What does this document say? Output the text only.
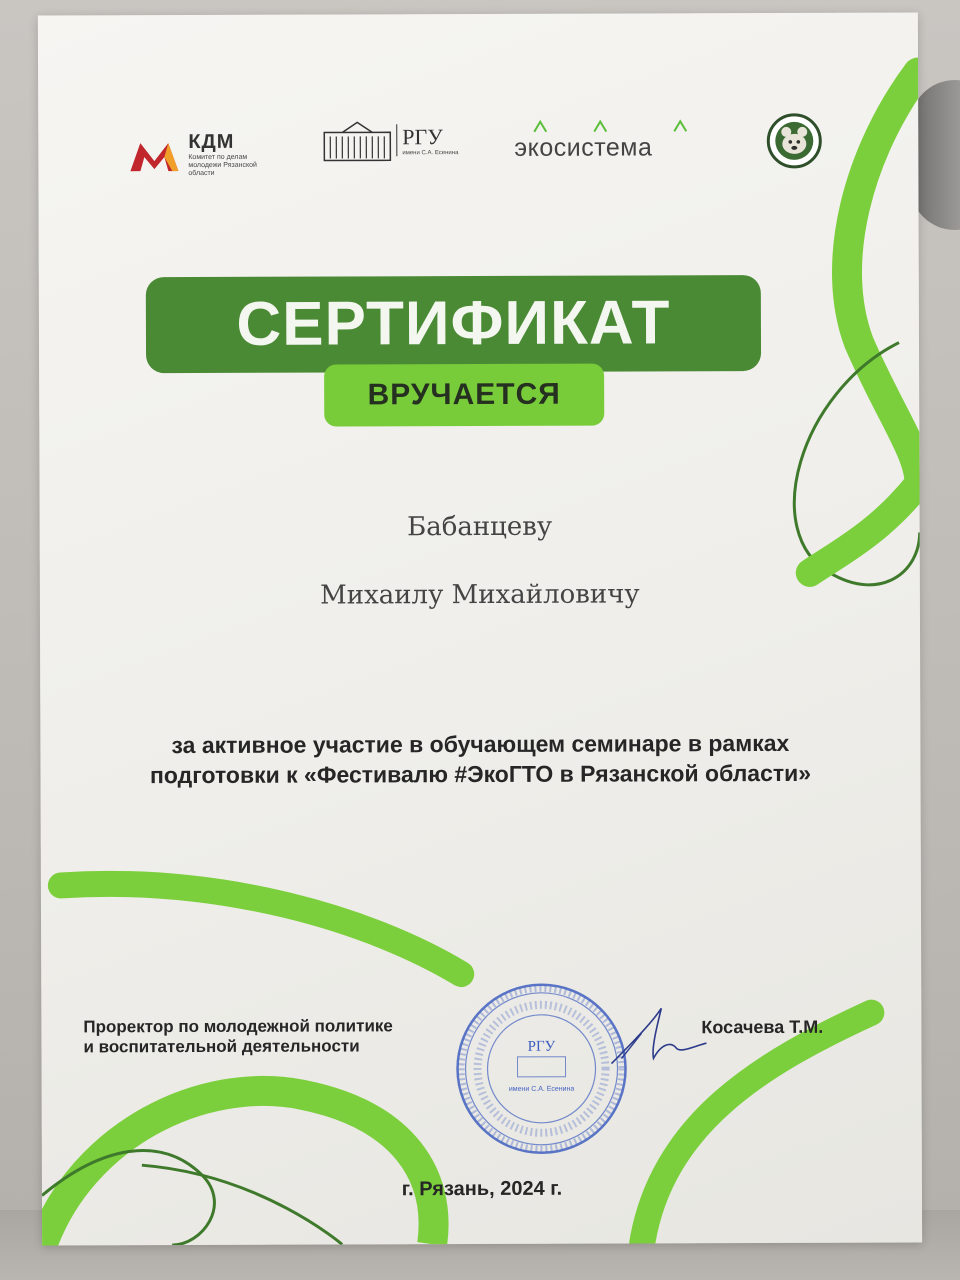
КДМ
Комитет по делам молодежи Рязанской области
РГУ
имени С.А. Есенина экосистема
СЕРТИФИКАТ
ВРУЧАЕТСЯ
Бабанцеву
Михаилу Михайловичу
за активное участие в обучающем семинаре в рамках
подготовки к «Фестивалю #ЭкоГТО в Рязанской области»
Проректор по молодежной политике
и воспитательной деятельности	РГУ
имени С.А. Есенина
Косачева Т.М.
г. Рязань, 2024 г.
